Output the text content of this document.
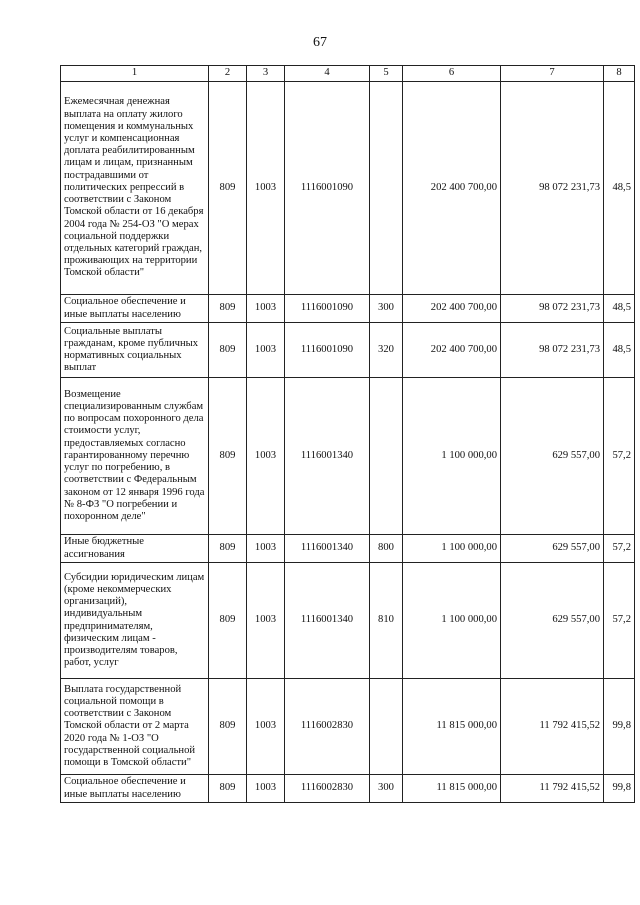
67
1	2	3	4	5	6	7	8

Ежемесячная денежная выплата на оплату жилого помещения и коммунальных услуг и компенсационная доплата реабилитированным лицам и лицам, признанным пострадавшими от политических репрессий в соответствии с Законом Томской области от 16 декабря 2004 года № 254-ОЗ "О мерах социальной поддержки отдельных категорий граждан, проживающих на территории Томской области"	809	1003	1116001090		202 400 700,00	98 072 231,73	48,5

Социальное обеспечение и иные выплаты населению	809	1003	1116001090	300	202 400 700,00	98 072 231,73	48,5

Социальные выплаты гражданам, кроме публичных нормативных социальных выплат	809	1003	1116001090	320	202 400 700,00	98 072 231,73	48,5

Возмещение специализированным службам по вопросам похоронного дела стоимости услуг, предоставляемых согласно гарантированному перечню услуг по погребению, в соответствии с Федеральным законом от 12 января 1996 года № 8-ФЗ "О погребении и похоронном деле"	809	1003	1116001340		1 100 000,00	629 557,00	57,2

Иные бюджетные ассигнования	809	1003	1116001340	800	1 100 000,00	629 557,00	57,2

Субсидии юридическим лицам (кроме некоммерческих организаций), индивидуальным предпринимателям, физическим лицам - производителям товаров, работ, услуг	809	1003	1116001340	810	1 100 000,00	629 557,00	57,2

Выплата государственной социальной помощи в соответствии с Законом Томской области от 2 марта 2020 года № 1-ОЗ "О государственной социальной помощи в Томской области"	809	1003	1116002830		11 815 000,00	11 792 415,52	99,8

Социальное обеспечение и иные выплаты населению	809	1003	1116002830	300	11 815 000,00	11 792 415,52	99,8
